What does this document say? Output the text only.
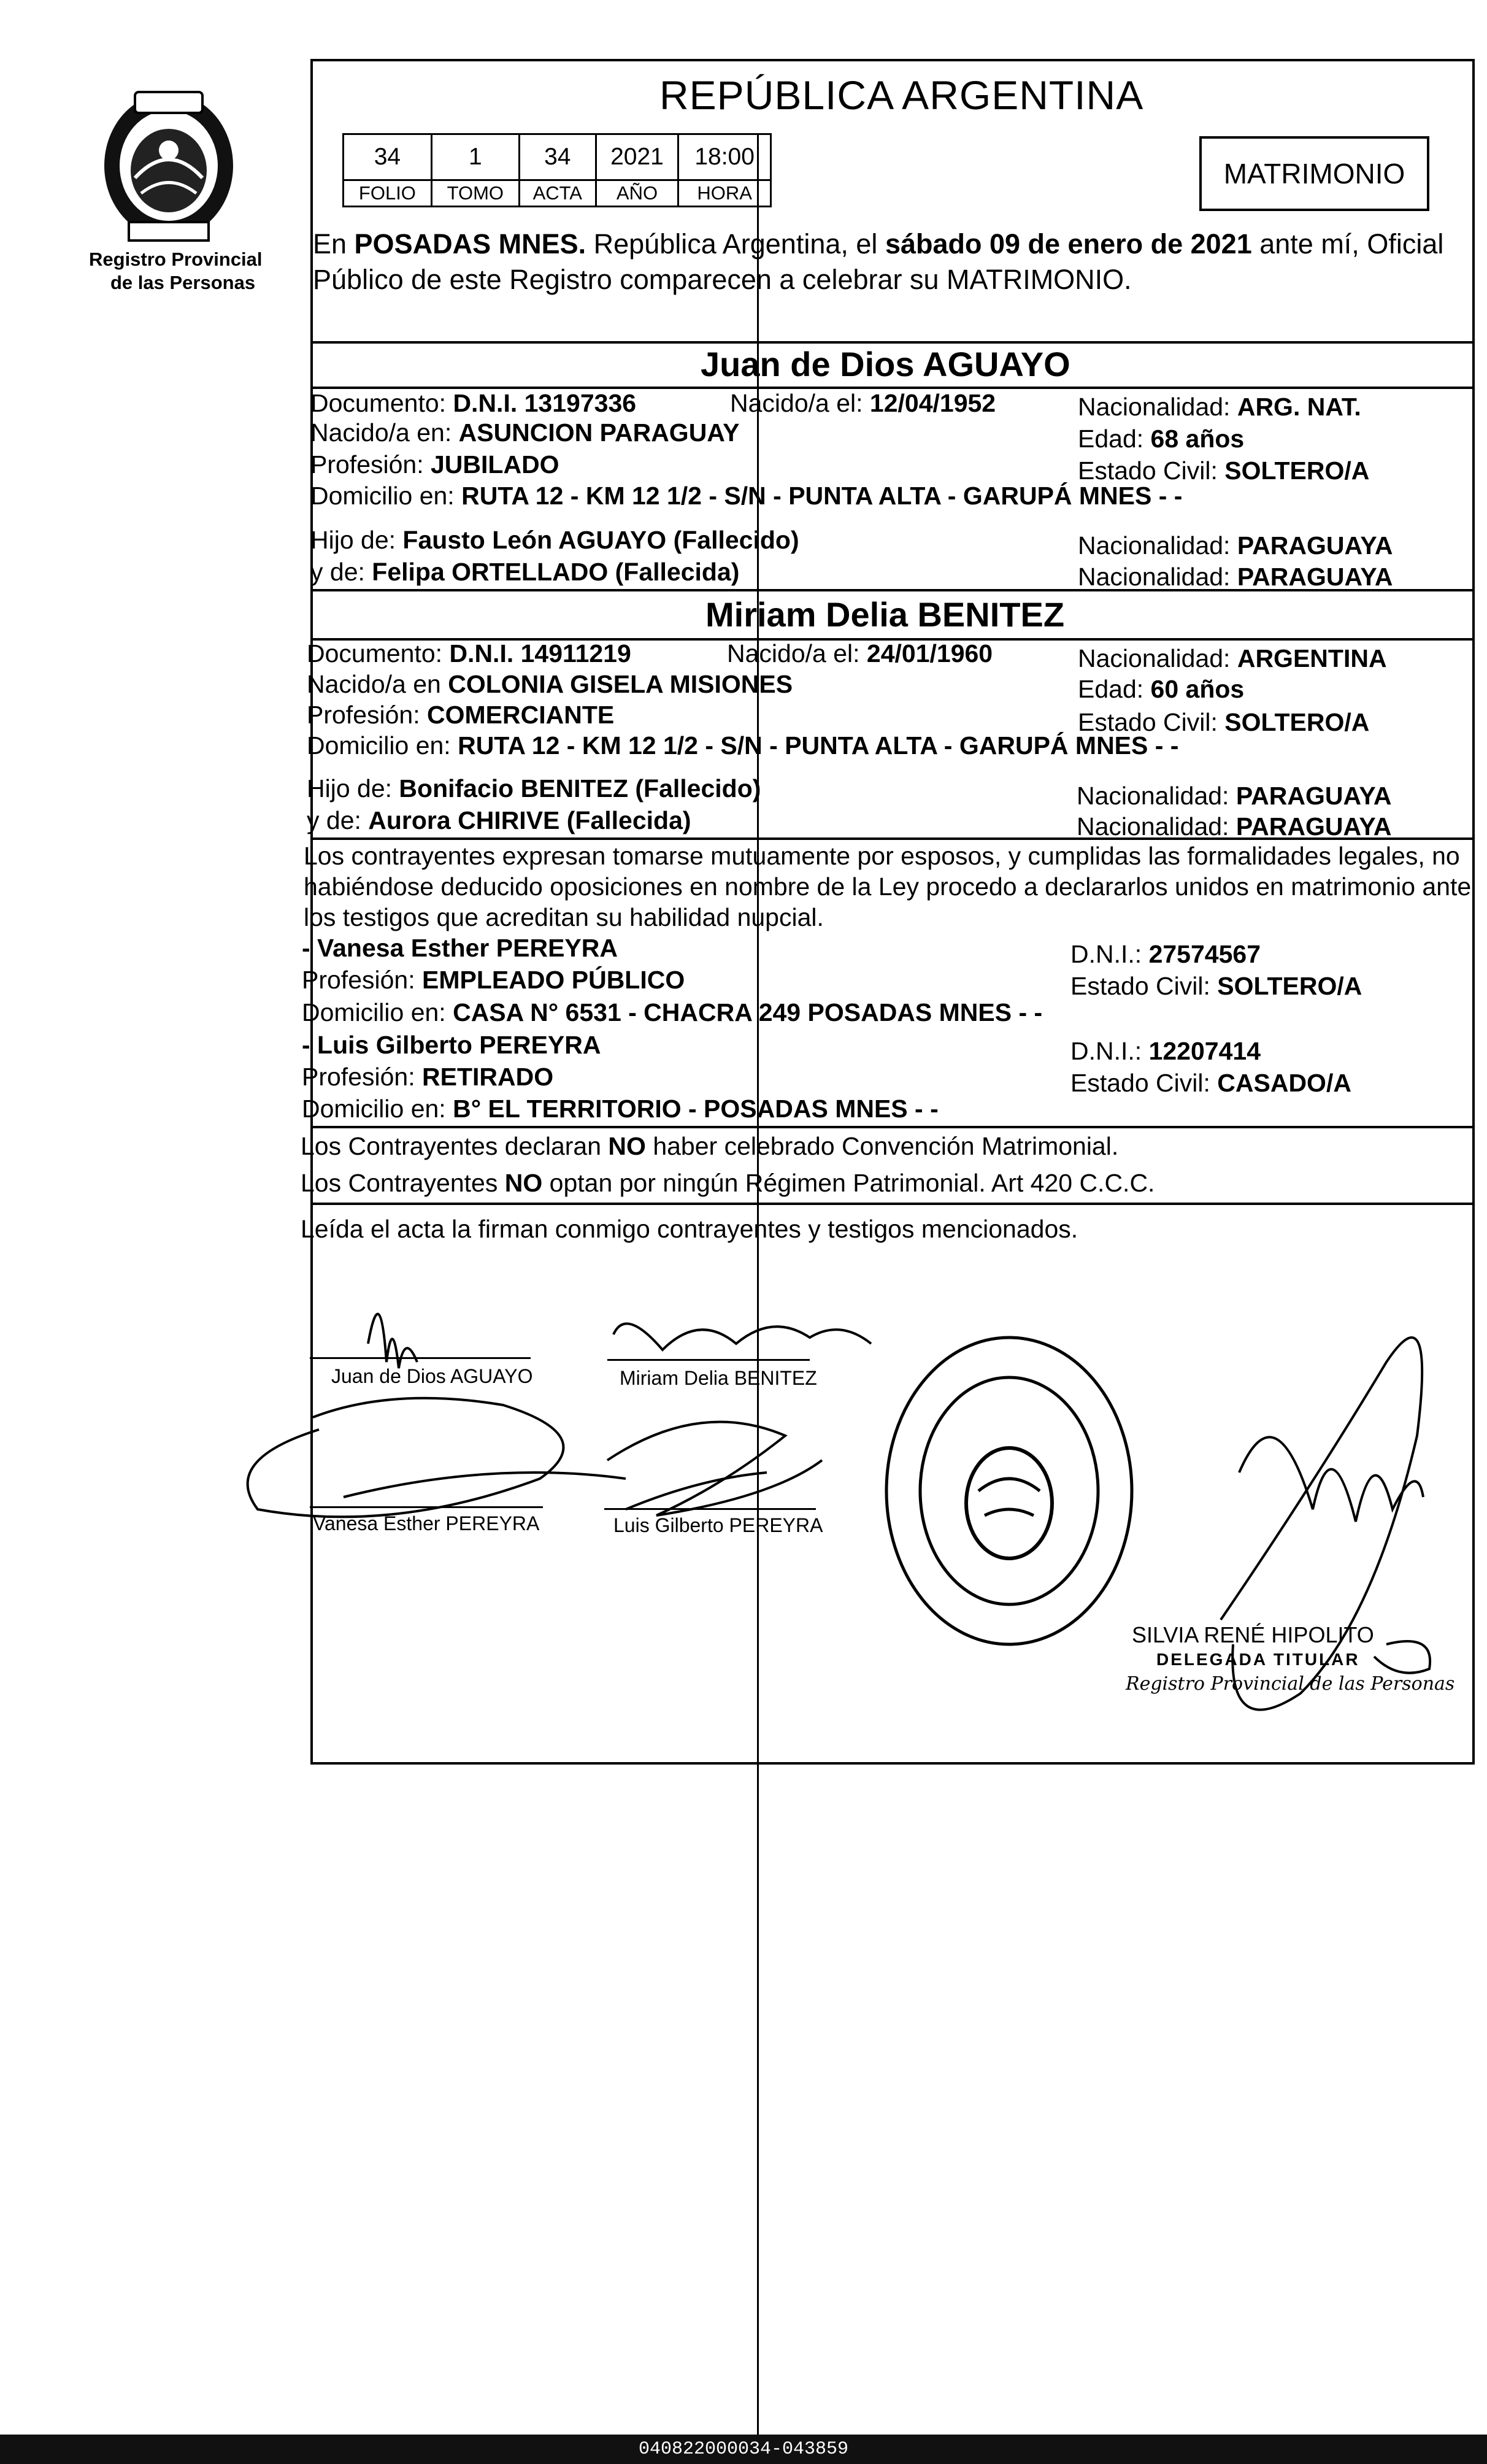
Registro Provincial
de las Personas
REPÚBLICA ARGENTINA
34	1	34	2021	18:00
FOLIO	TOMO	ACTA	AÑO	HORA
MATRIMONIO
En POSADAS MNES. República Argentina, el sábado 09 de enero de 2021 ante mí, Oficial
Público de este Registro comparecen a celebrar su MATRIMONIO.
Juan de Dios AGUAYO
Documento: D.N.I. 13197336	Nacido/a el: 12/04/1952	Nacionalidad: ARG. NAT.
Nacido/a en: ASUNCION PARAGUAY	Edad: 68 años
Profesión: JUBILADO	Estado Civil: SOLTERO/A
Domicilio en: RUTA 12 - KM 12 1/2 - S/N - PUNTA ALTA - GARUPÁ MNES - -
Hijo de: Fausto León AGUAYO (Fallecido)	Nacionalidad: PARAGUAYA
y de: Felipa ORTELLADO (Fallecida)	Nacionalidad: PARAGUAYA
Miriam Delia BENITEZ
Documento: D.N.I. 14911219	Nacido/a el: 24/01/1960	Nacionalidad: ARGENTINA
Nacido/a en COLONIA GISELA MISIONES	Edad: 60 años
Profesión: COMERCIANTE	Estado Civil: SOLTERO/A
Domicilio en: RUTA 12 - KM 12 1/2 - S/N - PUNTA ALTA - GARUPÁ MNES - -
Hijo de: Bonifacio BENITEZ (Fallecido)	Nacionalidad: PARAGUAYA
y de: Aurora CHIRIVE (Fallecida)	Nacionalidad: PARAGUAYA
Los contrayentes expresan tomarse mutuamente por esposos, y cumplidas las formalidades legales, no
habiéndose deducido oposiciones en nombre de la Ley procedo a declararlos unidos en matrimonio ante
los testigos que acreditan su habilidad nupcial.
- Vanesa Esther PEREYRA	D.N.I.: 27574567
Profesión: EMPLEADO PÚBLICO	Estado Civil: SOLTERO/A
Domicilio en: CASA N° 6531 - CHACRA 249 POSADAS MNES - -
- Luis Gilberto PEREYRA	D.N.I.: 12207414
Profesión: RETIRADO	Estado Civil: CASADO/A
Domicilio en: B° EL TERRITORIO - POSADAS MNES - -
Los Contrayentes declaran NO haber celebrado Convención Matrimonial.
Los Contrayentes NO optan por ningún Régimen Patrimonial. Art 420 C.C.C.
Leída el acta la firman conmigo contrayentes y testigos mencionados.
Juan de Dios AGUAYO	Miriam Delia BENITEZ
Vanesa Esther PEREYRA	Luis Gilberto PEREYRA
SILVIA RENÉ HIPOLITO
DELEGADA TITULAR
Registro Provincial de las Personas
040822000034-043859
